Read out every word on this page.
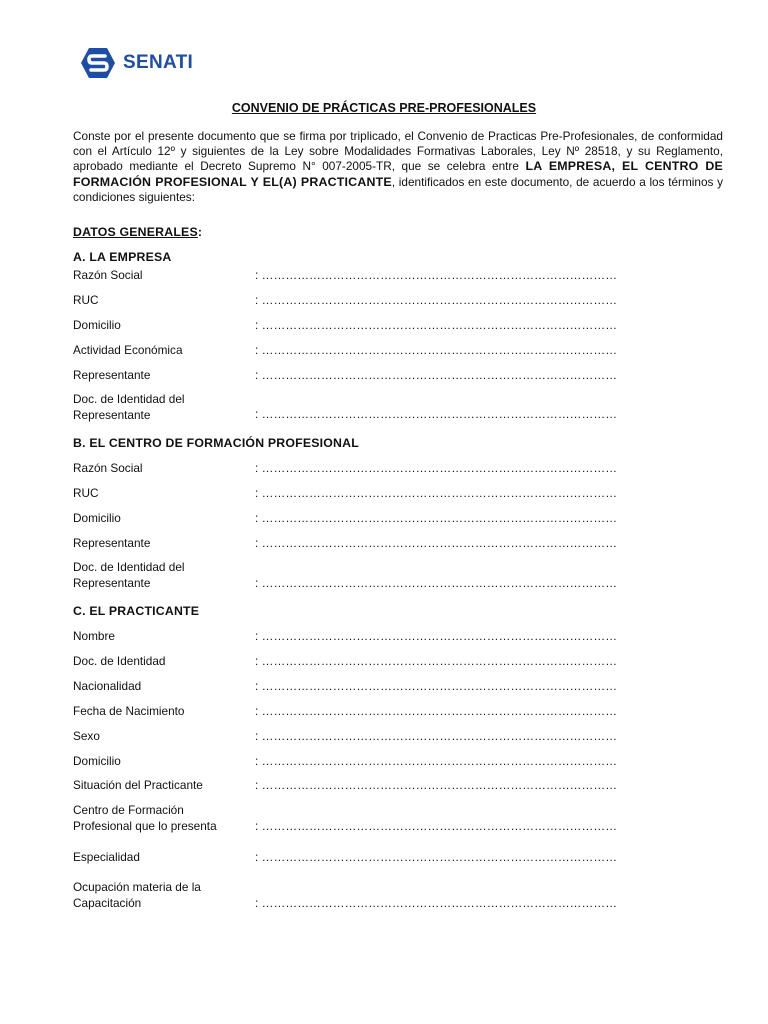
SENATI
CONVENIO DE PRÁCTICAS PRE-PROFESIONALES
Conste por el presente documento que se firma por triplicado, el Convenio de Practicas Pre-Profesionales, de conformidad con el Artículo 12º y siguientes de la Ley sobre Modalidades Formativas Laborales, Ley Nº 28518, y su Reglamento, aprobado mediante el Decreto Supremo N° 007-2005-TR, que se celebra entre LA EMPRESA, EL CENTRO DE FORMACIÓN PROFESIONAL Y EL(A) PRACTICANTE, identificados en este documento, de acuerdo a los términos y condiciones siguientes:
DATOS GENERALES:
A. LA EMPRESA
Razón Social	: ………………………………………………………………………………
RUC	: ………………………………………………………………………………
Domicilio	: ………………………………………………………………………………
Actividad Económica	: ………………………………………………………………………………
Representante	: ………………………………………………………………………………
Doc. de Identidad del Representante	: ………………………………………………………………………………
B. EL CENTRO DE FORMACIÓN PROFESIONAL
Razón Social	: ………………………………………………………………………………
RUC	: ………………………………………………………………………………
Domicilio	: ………………………………………………………………………………
Representante	: ………………………………………………………………………………
Doc. de Identidad del Representante	: ………………………………………………………………………………
C. EL PRACTICANTE
Nombre	: ………………………………………………………………………………
Doc. de Identidad	: ………………………………………………………………………………
Nacionalidad	: ………………………………………………………………………………
Fecha de Nacimiento	: ………………………………………………………………………………
Sexo	: ………………………………………………………………………………
Domicilio	: ………………………………………………………………………………
Situación del Practicante	: ………………………………………………………………………………
Centro de Formación Profesional que lo presenta	: ………………………………………………………………………………
Especialidad	: ………………………………………………………………………………
Ocupación materia de la Capacitación	: ………………………………………………………………………………
